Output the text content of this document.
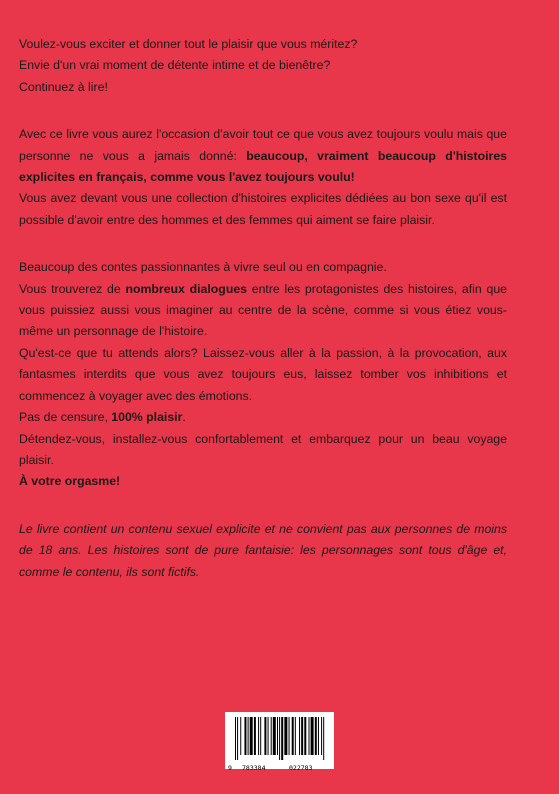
Voulez-vous exciter et donner tout le plaisir que vous méritez?

Envie d'un vrai moment de détente intime et de bienêtre?

Continuez à lire!

Avec ce livre vous aurez l'occasion d'avoir tout ce que vous avez toujours voulu mais que personne ne vous a jamais donné: beaucoup, vraiment beaucoup d'histoires explicites en français, comme vous l'avez toujours voulu!

Vous avez devant vous une collection d'histoires explicites dédiées au bon sexe qu'il est possible d'avoir entre des hommes et des femmes qui aiment se faire plaisir.

Beaucoup des contes passionnantes à vivre seul ou en compagnie.

Vous trouverez de nombreux dialogues entre les protagonistes des histoires, afin que vous puissiez aussi vous imaginer au centre de la scène, comme si vous étiez vous-même un personnage de l'histoire.

Qu'est-ce que tu attends alors? Laissez-vous aller à la passion, à la provocation, aux fantasmes interdits que vous avez toujours eus, laissez tomber vos inhibitions et commencez à voyager avec des émotions.

Pas de censure, 100% plaisir.

Détendez-vous, installez-vous confortablement et embarquez pour un beau voyage plaisir.

À votre orgasme!

Le livre contient un contenu sexuel explicite et ne convient pas aux personnes de moins de 18 ans. Les histoires sont de pure fantaisie: les personnages sont tous d'âge et, comme le contenu, ils sont fictifs.

9 783384	022783
